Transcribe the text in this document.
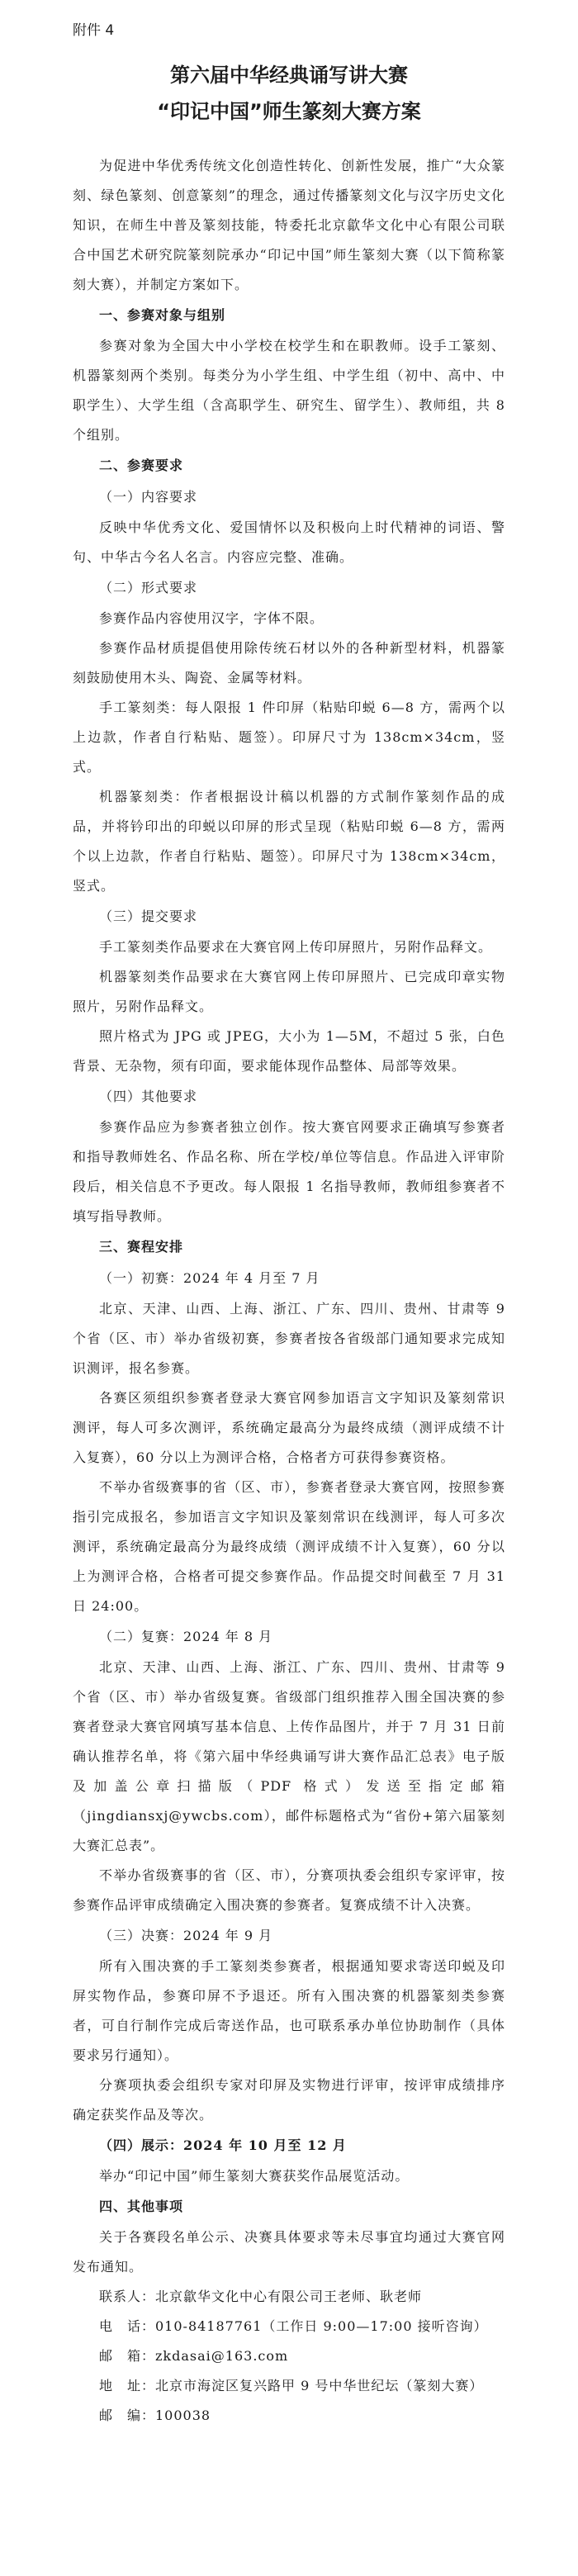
附件 4
第六届中华经典诵写讲大赛
“印记中国”师生篆刻大赛方案

为促进中华优秀传统文化创造性转化、创新性发展，推广“大众篆刻、绿色篆刻、创意篆刻”的理念，通过传播篆刻文化与汉字历史文化知识，在师生中普及篆刻技能，特委托北京歙华文化中心有限公司联合中国艺术研究院篆刻院承办“印记中国”师生篆刻大赛（以下简称篆刻大赛），并制定方案如下。

一、参赛对象与组别

参赛对象为全国大中小学校在校学生和在职教师。设手工篆刻、机器篆刻两个类别。每类分为小学生组、中学生组（初中、高中、中职学生）、大学生组（含高职学生、研究生、留学生）、教师组，共 8 个组别。

二、参赛要求
（一）内容要求

反映中华优秀文化、爱国情怀以及积极向上时代精神的词语、警句、中华古今名人名言。内容应完整、准确。

（二）形式要求

参赛作品内容使用汉字，字体不限。

参赛作品材质提倡使用除传统石材以外的各种新型材料，机器篆刻鼓励使用木头、陶瓷、金属等材料。

手工篆刻类：每人限报 1 件印屏（粘贴印蜕 6—8 方，需两个以上边款，作者自行粘贴、题签）。印屏尺寸为 138cm×34cm，竖式。

机器篆刻类：作者根据设计稿以机器的方式制作篆刻作品的成品，并将钤印出的印蜕以印屏的形式呈现（粘贴印蜕 6—8 方，需两个以上边款，作者自行粘贴、题签）。印屏尺寸为 138cm×34cm，竖式。

（三）提交要求

手工篆刻类作品要求在大赛官网上传印屏照片，另附作品释文。

机器篆刻类作品要求在大赛官网上传印屏照片、已完成印章实物照片，另附作品释文。

照片格式为 JPG 或 JPEG，大小为 1—5M，不超过 5 张，白色背景、无杂物，须有印面，要求能体现作品整体、局部等效果。

（四）其他要求

参赛作品应为参赛者独立创作。按大赛官网要求正确填写参赛者和指导教师姓名、作品名称、所在学校/单位等信息。作品进入评审阶段后，相关信息不予更改。每人限报 1 名指导教师，教师组参赛者不填写指导教师。

三、赛程安排
（一）初赛：2024 年 4 月至 7 月

北京、天津、山西、上海、浙江、广东、四川、贵州、甘肃等 9 个省（区、市）举办省级初赛，参赛者按各省级部门通知要求完成知识测评，报名参赛。

各赛区须组织参赛者登录大赛官网参加语言文字知识及篆刻常识测评，每人可多次测评，系统确定最高分为最终成绩（测评成绩不计入复赛），60 分以上为测评合格，合格者方可获得参赛资格。

不举办省级赛事的省（区、市），参赛者登录大赛官网，按照参赛指引完成报名，参加语言文字知识及篆刻常识在线测评，每人可多次测评，系统确定最高分为最终成绩（测评成绩不计入复赛），60 分以上为测评合格，合格者可提交参赛作品。作品提交时间截至 7 月 31 日 24:00。

（二）复赛：2024 年 8 月

北京、天津、山西、上海、浙江、广东、四川、贵州、甘肃等 9 个省（区、市）举办省级复赛。省级部门组织推荐入围全国决赛的参赛者登录大赛官网填写基本信息、上传作品图片，并于 7 月 31 日前确认推荐名单，将《第六届中华经典诵写讲大赛作品汇总表》电子版及加盖公章扫描版（PDF 格式）发送至指定邮箱（jingdiansxj@ywcbs.com），邮件标题格式为“省份+第六届篆刻大赛汇总表”。

不举办省级赛事的省（区、市），分赛项执委会组织专家评审，按参赛作品评审成绩确定入围决赛的参赛者。复赛成绩不计入决赛。

（三）决赛：2024 年 9 月

所有入围决赛的手工篆刻类参赛者，根据通知要求寄送印蜕及印屏实物作品，参赛印屏不予退还。所有入围决赛的机器篆刻类参赛者，可自行制作完成后寄送作品，也可联系承办单位协助制作（具体要求另行通知）。

分赛项执委会组织专家对印屏及实物进行评审，按评审成绩排序确定获奖作品及等次。

（四）展示：2024 年 10 月至 12 月

举办“印记中国”师生篆刻大赛获奖作品展览活动。

四、其他事项

关于各赛段名单公示、决赛具体要求等未尽事宜均通过大赛官网发布通知。

联系人：北京歙华文化中心有限公司王老师、耿老师

电　话：010-84187761（工作日 9:00—17:00 接听咨询）

邮　箱：zkdasai@163.com

地　址：北京市海淀区复兴路甲 9 号中华世纪坛（篆刻大赛）

邮　编：100038
